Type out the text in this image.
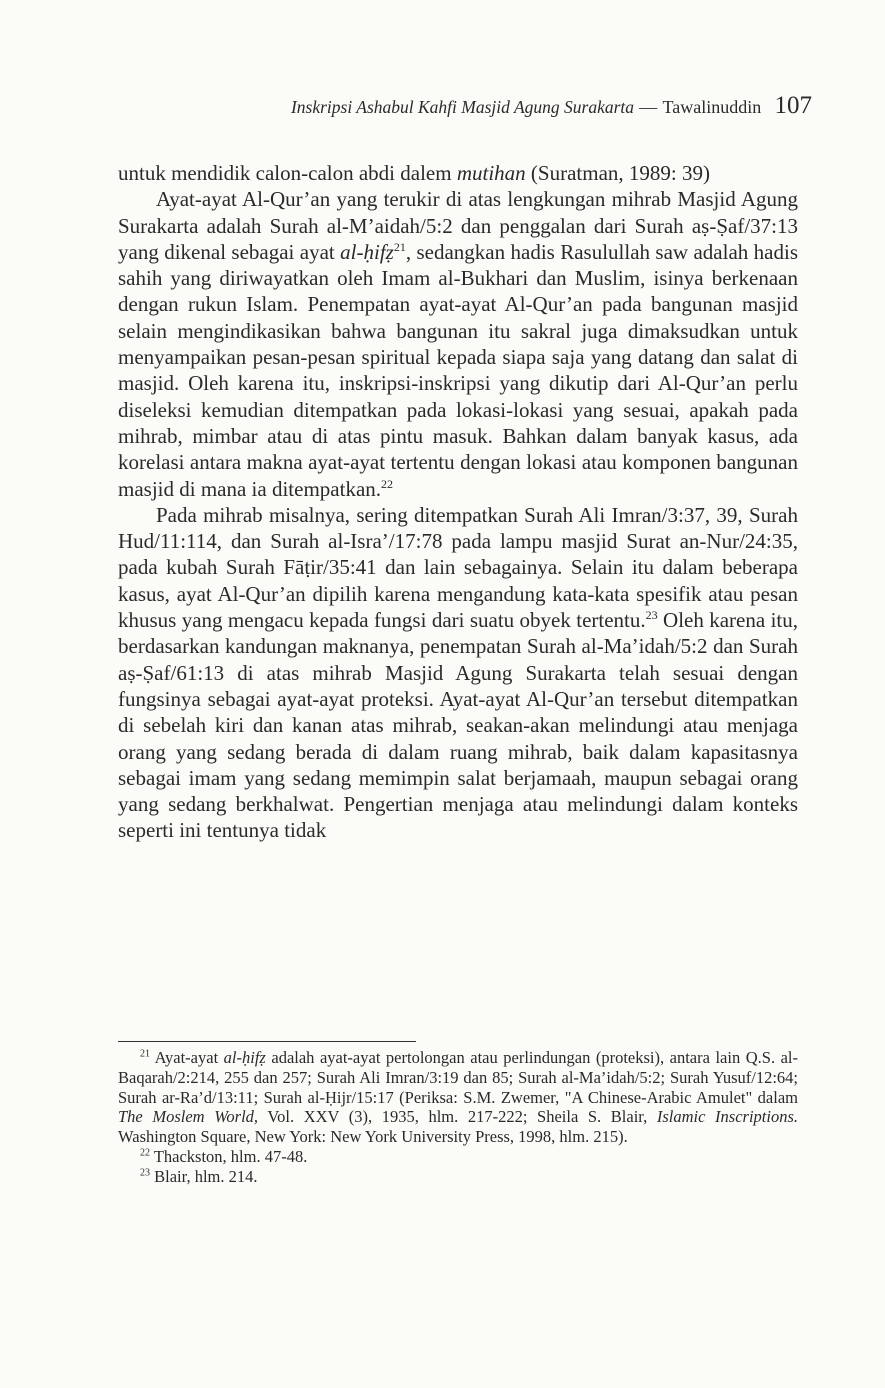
Inskripsi Ashabul Kahfi Masjid Agung Surakarta — Tawalinuddin 107

untuk mendidik calon-calon abdi dalem mutihan (Suratman, 1989: 39)

Ayat-ayat Al-Qur’an yang terukir di atas lengkungan mihrab Masjid Agung Surakarta adalah Surah al-M’aidah/5:2 dan penggalan dari Surah aṣ-Ṣaf/37:13 yang dikenal sebagai ayat al-ḥifẓ$^{21}$, sedangkan hadis Rasulullah saw adalah hadis sahih yang diriwayatkan oleh Imam al-Bukhari dan Muslim, isinya berkenaan dengan rukun Islam. Penempatan ayat-ayat Al-Qur’an pada bangunan masjid selain mengindikasikan bahwa bangunan itu sakral juga dimaksudkan untuk menyampaikan pesan-pesan spiritual kepada siapa saja yang datang dan salat di masjid. Oleh karena itu, inskripsi-inskripsi yang dikutip dari Al-Qur’an perlu diseleksi kemudian ditempatkan pada lokasi-lokasi yang sesuai, apakah pada mihrab, mimbar atau di atas pintu masuk. Bahkan dalam banyak kasus, ada korelasi antara makna ayat-ayat tertentu dengan lokasi atau komponen bangunan masjid di mana ia ditempatkan.$^{22}$

Pada mihrab misalnya, sering ditempatkan Surah Ali Imran/3:37, 39, Surah Hud/11:114, dan Surah al-Isra’/17:78 pada lampu masjid Surat an-Nur/24:35, pada kubah Surah Fāṭir/35:41 dan lain sebagainya. Selain itu dalam beberapa kasus, ayat Al-Qur’an dipilih karena mengandung kata-kata spesifik atau pesan khusus yang mengacu kepada fungsi dari suatu obyek tertentu.$^{23}$ Oleh karena itu, berdasarkan kandungan maknanya, penempatan Surah al-Ma’idah/5:2 dan Surah aṣ-Ṣaf/61:13 di atas mihrab Masjid Agung Surakarta telah sesuai dengan fungsinya sebagai ayat-ayat proteksi. Ayat-ayat Al-Qur’an tersebut ditempatkan di sebelah kiri dan kanan atas mihrab, seakan-akan melindungi atau menjaga orang yang sedang berada di dalam ruang mihrab, baik dalam kapasitasnya sebagai imam yang sedang memimpin salat berjamaah, maupun sebagai orang yang sedang berkhalwat. Pengertian menjaga atau melindungi dalam konteks seperti ini tentunya tidak

$^{21}$ Ayat-ayat al-ḥifẓ adalah ayat-ayat pertolongan atau perlindungan (proteksi), antara lain Q.S. al-Baqarah/2:214, 255 dan 257; Surah Ali Imran/3:19 dan 85; Surah al-Ma’idah/5:2; Surah Yusuf/12:64; Surah ar-Ra’d/13:11; Surah al-Ḥijr/15:17 (Periksa: S.M. Zwemer, "A Chinese-Arabic Amulet" dalam The Moslem World, Vol. XXV (3), 1935, hlm. 217-222; Sheila S. Blair, Islamic Inscriptions. Washington Square, New York: New York University Press, 1998, hlm. 215).

$^{22}$ Thackston, hlm. 47-48.

$^{23}$ Blair, hlm. 214.
